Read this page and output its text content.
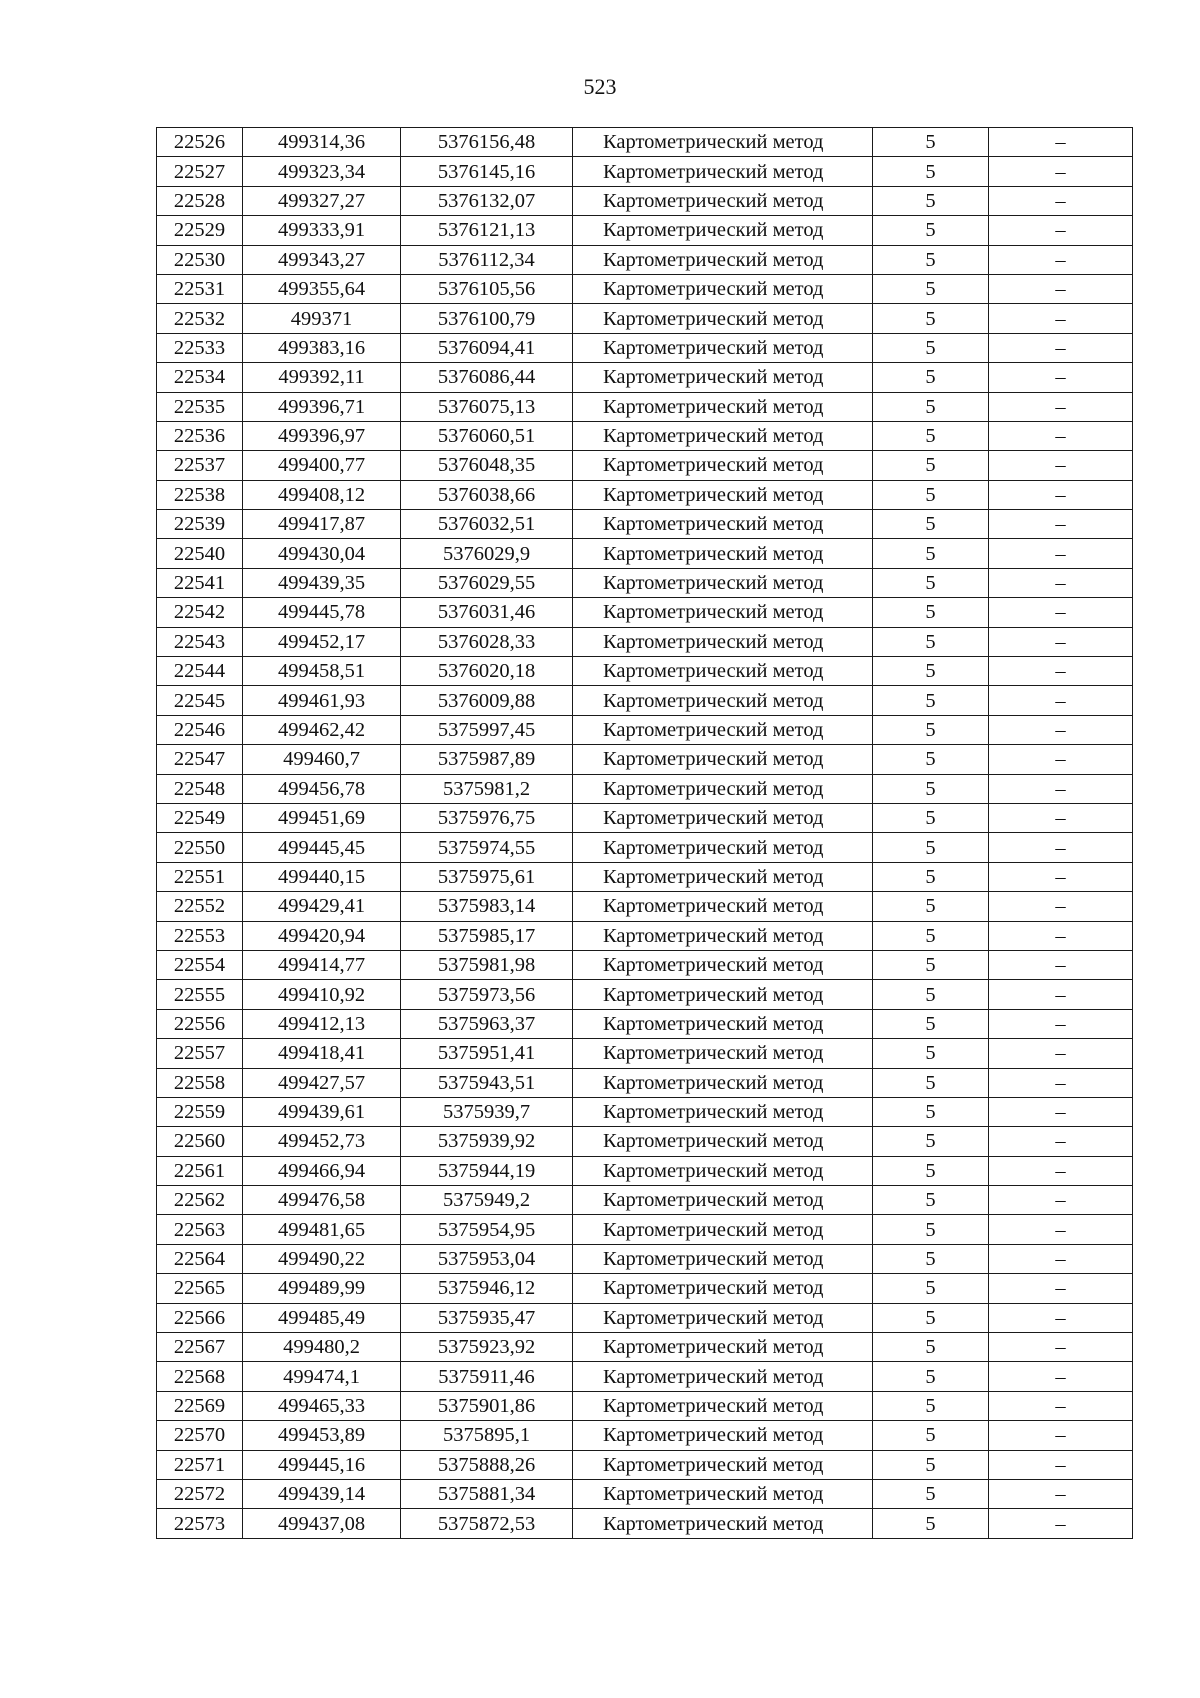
523
22526	499314,36	5376156,48	Картометрический метод	5	–
22527	499323,34	5376145,16	Картометрический метод	5	–
22528	499327,27	5376132,07	Картометрический метод	5	–
22529	499333,91	5376121,13	Картометрический метод	5	–
22530	499343,27	5376112,34	Картометрический метод	5	–
22531	499355,64	5376105,56	Картометрический метод	5	–
22532	499371	5376100,79	Картометрический метод	5	–
22533	499383,16	5376094,41	Картометрический метод	5	–
22534	499392,11	5376086,44	Картометрический метод	5	–
22535	499396,71	5376075,13	Картометрический метод	5	–
22536	499396,97	5376060,51	Картометрический метод	5	–
22537	499400,77	5376048,35	Картометрический метод	5	–
22538	499408,12	5376038,66	Картометрический метод	5	–
22539	499417,87	5376032,51	Картометрический метод	5	–
22540	499430,04	5376029,9	Картометрический метод	5	–
22541	499439,35	5376029,55	Картометрический метод	5	–
22542	499445,78	5376031,46	Картометрический метод	5	–
22543	499452,17	5376028,33	Картометрический метод	5	–
22544	499458,51	5376020,18	Картометрический метод	5	–
22545	499461,93	5376009,88	Картометрический метод	5	–
22546	499462,42	5375997,45	Картометрический метод	5	–
22547	499460,7	5375987,89	Картометрический метод	5	–
22548	499456,78	5375981,2	Картометрический метод	5	–
22549	499451,69	5375976,75	Картометрический метод	5	–
22550	499445,45	5375974,55	Картометрический метод	5	–
22551	499440,15	5375975,61	Картометрический метод	5	–
22552	499429,41	5375983,14	Картометрический метод	5	–
22553	499420,94	5375985,17	Картометрический метод	5	–
22554	499414,77	5375981,98	Картометрический метод	5	–
22555	499410,92	5375973,56	Картометрический метод	5	–
22556	499412,13	5375963,37	Картометрический метод	5	–
22557	499418,41	5375951,41	Картометрический метод	5	–
22558	499427,57	5375943,51	Картометрический метод	5	–
22559	499439,61	5375939,7	Картометрический метод	5	–
22560	499452,73	5375939,92	Картометрический метод	5	–
22561	499466,94	5375944,19	Картометрический метод	5	–
22562	499476,58	5375949,2	Картометрический метод	5	–
22563	499481,65	5375954,95	Картометрический метод	5	–
22564	499490,22	5375953,04	Картометрический метод	5	–
22565	499489,99	5375946,12	Картометрический метод	5	–
22566	499485,49	5375935,47	Картометрический метод	5	–
22567	499480,2	5375923,92	Картометрический метод	5	–
22568	499474,1	5375911,46	Картометрический метод	5	–
22569	499465,33	5375901,86	Картометрический метод	5	–
22570	499453,89	5375895,1	Картометрический метод	5	–
22571	499445,16	5375888,26	Картометрический метод	5	–
22572	499439,14	5375881,34	Картометрический метод	5	–
22573	499437,08	5375872,53	Картометрический метод	5	–
